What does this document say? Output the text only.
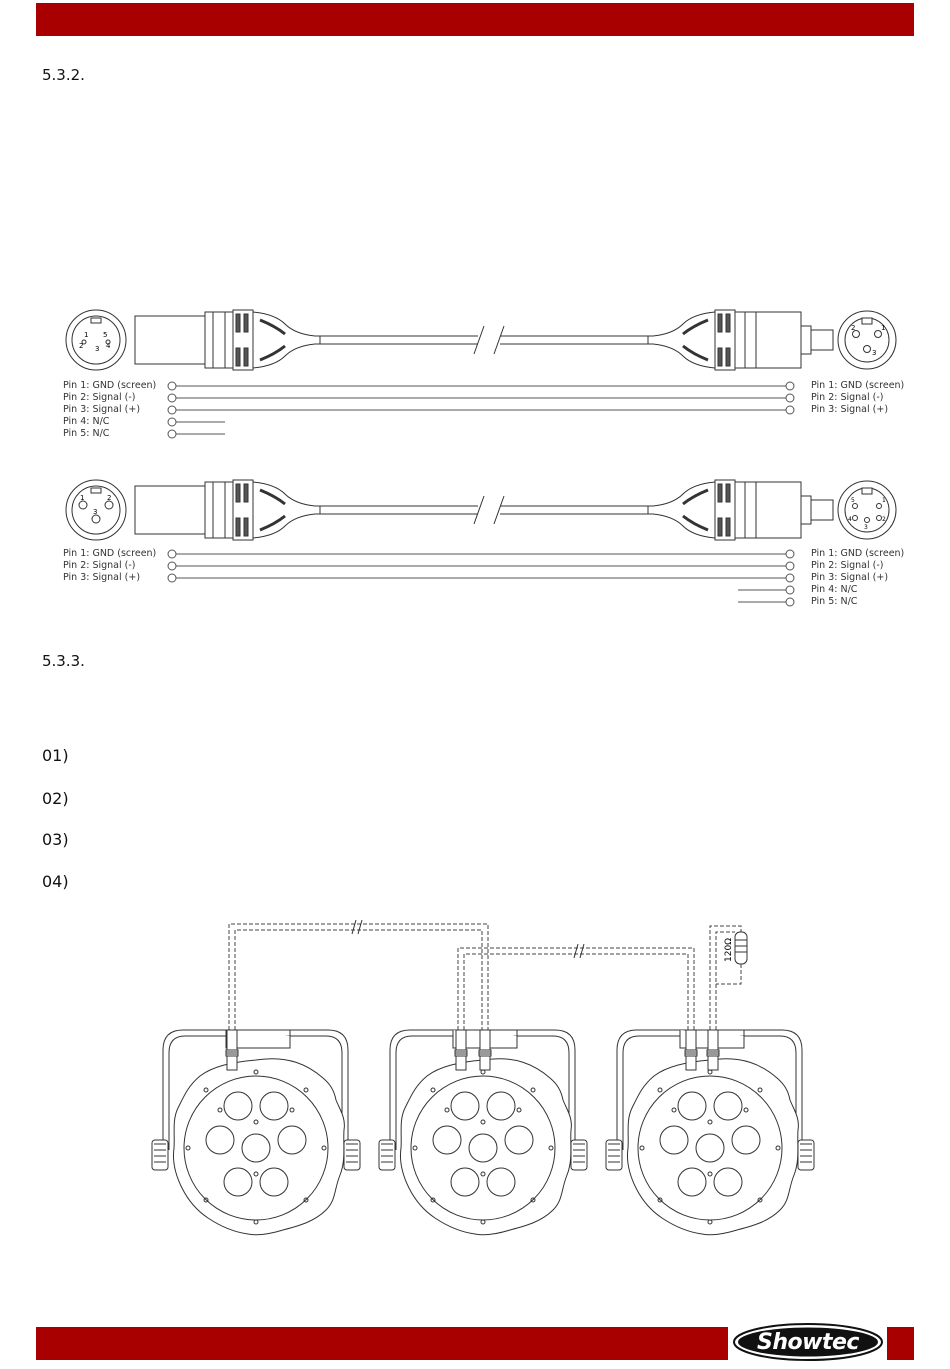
5.3.2.
1 5
2 3 4
2	1
3
1	2
3
5	1
4
3
2
120Ω
Pin 1: GND (screen)
Pin 2: Signal (-)
Pin 3: Signal (+)
Pin 4: N/C
Pin 5: N/C
Pin 1: GND (screen)
Pin 2: Signal (-)
Pin 3: Signal (+)
Pin 1: GND (screen)
Pin 2: Signal (-)
Pin 3: Signal (+)
Pin 1: GND (screen)
Pin 2: Signal (-)
Pin 3: Signal (+)
Pin 4: N/C
Pin 5: N/C
5.3.3.
01)
02)
03)
04)
Showtec
